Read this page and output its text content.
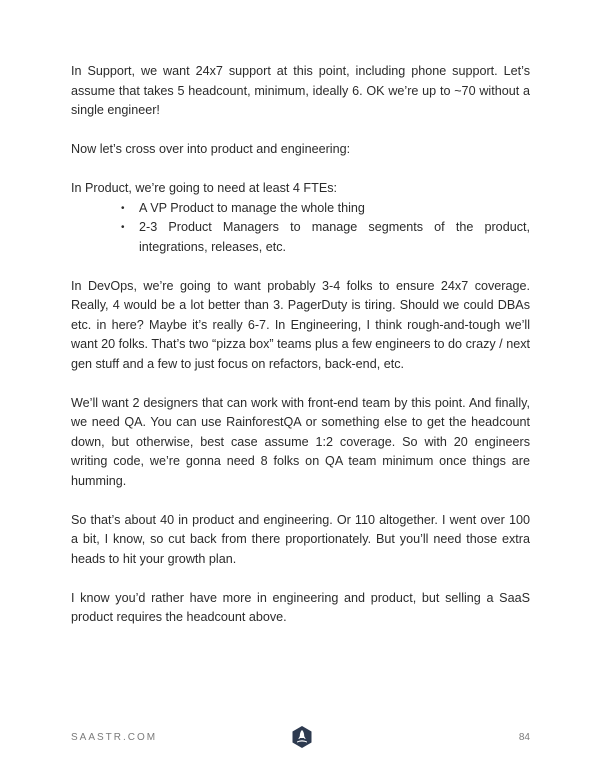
In Support, we want 24x7 support at this point, including phone support. Let’s assume that takes 5 headcount, minimum, ideally 6. OK we’re up to ~70 without a single engineer!

Now let’s cross over into product and engineering:

In Product, we’re going to need at least 4 FTEs:

• A VP Product to manage the whole thing
• 2-3 Product Managers to manage segments of the product, integrations, releases, etc.

In DevOps, we’re going to want probably 3-4 folks to ensure 24x7 coverage. Really, 4 would be a lot better than 3. PagerDuty is tiring. Should we could DBAs etc. in here? Maybe it’s really 6-7. In Engineering, I think rough-and-tough we’ll want 20 folks. That’s two “pizza box” teams plus a few engineers to do crazy / next gen stuff and a few to just focus on refactors, back-end, etc.

We’ll want 2 designers that can work with front-end team by this point. And finally, we need QA. You can use RainforestQA or something else to get the headcount down, but otherwise, best case assume 1:2 coverage. So with 20 engineers writing code, we’re gonna need 8 folks on QA team minimum once things are humming.

So that’s about 40 in product and engineering. Or 110 altogether. I went over 100 a bit, I know, so cut back from there proportionately. But you’ll need those extra heads to hit your growth plan.

I know you’d rather have more in engineering and product, but selling a SaaS product requires the headcount above.

SAASTR.COM	84
